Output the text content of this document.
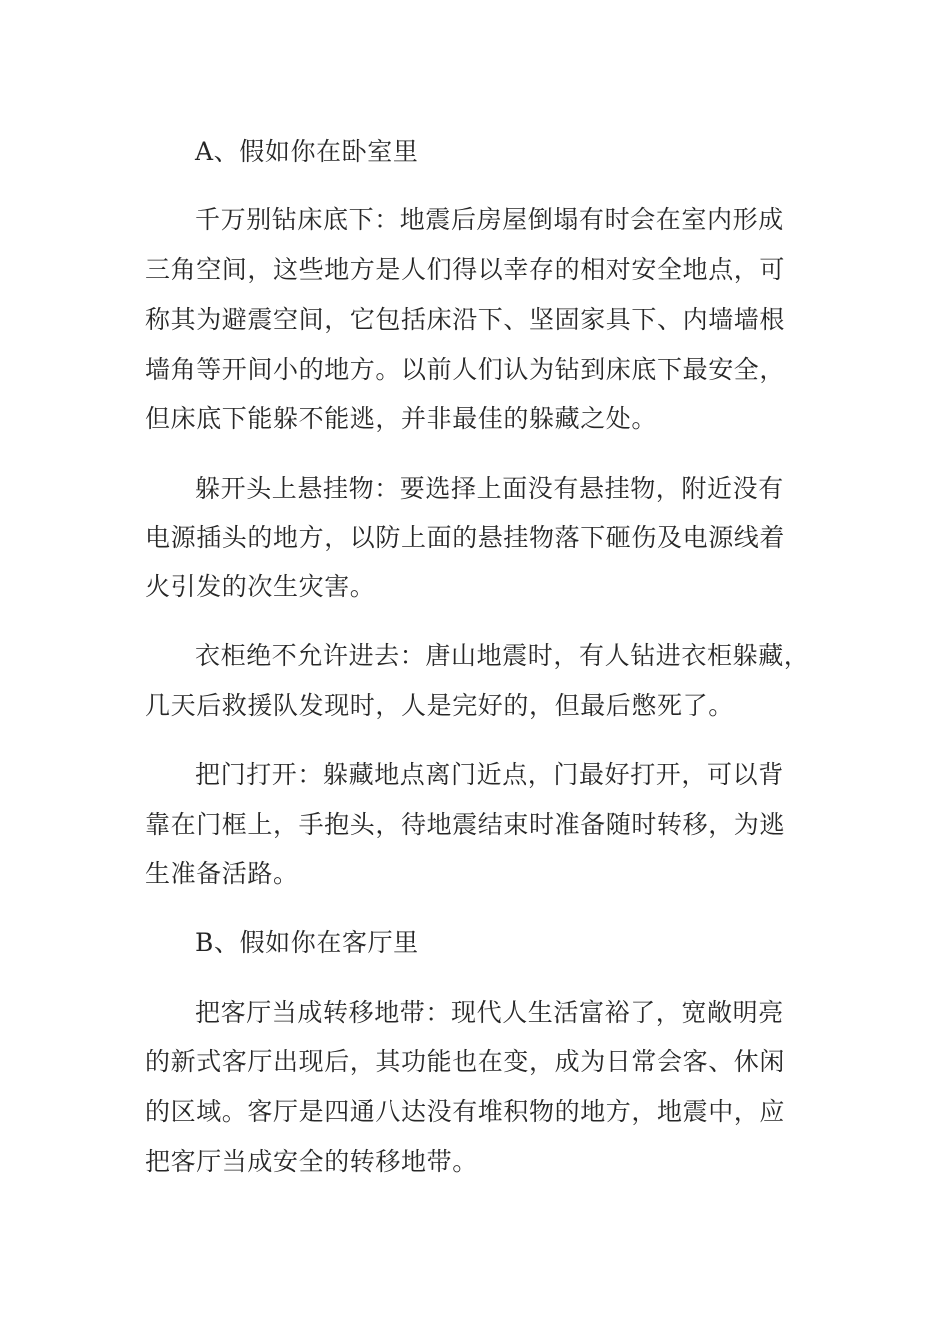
A、假如你在卧室里
千万别钻床底下：地震后房屋倒塌有时会在室内形成
三角空间，这些地方是人们得以幸存的相对安全地点，可
称其为避震空间，它包括床沿下、坚固家具下、内墙墙根
墙角等开间小的地方。以前人们认为钻到床底下最安全，
但床底下能躲不能逃，并非最佳的躲藏之处。
躲开头上悬挂物：要选择上面没有悬挂物，附近没有
电源插头的地方，以防上面的悬挂物落下砸伤及电源线着
火引发的次生灾害。
衣柜绝不允许进去：唐山地震时，有人钻进衣柜躲藏，
几天后救援队发现时，人是完好的，但最后憋死了。
把门打开：躲藏地点离门近点，门最好打开，可以背
靠在门框上，手抱头，待地震结束时准备随时转移，为逃
生准备活路。
B、假如你在客厅里
把客厅当成转移地带：现代人生活富裕了，宽敞明亮
的新式客厅出现后，其功能也在变，成为日常会客、休闲
的区域。客厅是四通八达没有堆积物的地方，地震中，应
把客厅当成安全的转移地带。
